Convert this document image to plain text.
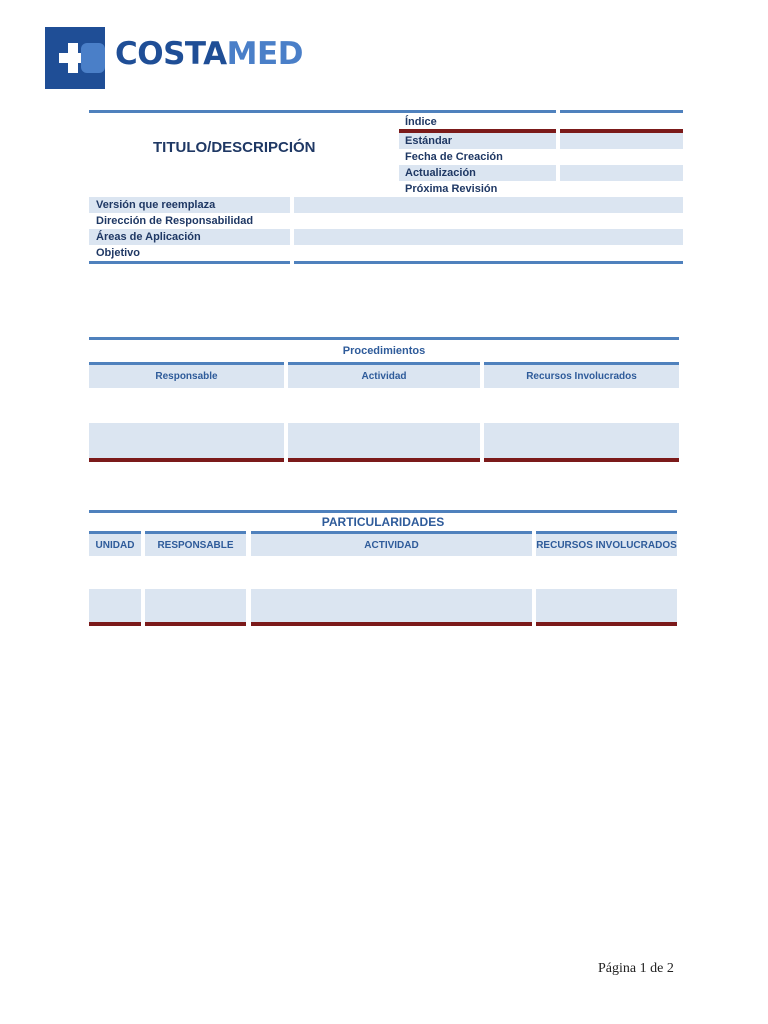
COSTAMED
TITULO/DESCRIPCIÓN
Índice
Estándar
Fecha de Creación
Actualización
Próxima Revisión
Versión que reemplaza
Dirección de Responsabilidad
Áreas de Aplicación
Objetivo
Procedimientos
Responsable	Actividad	Recursos Involucrados
PARTICULARIDADES
UNIDAD	RESPONSABLE	ACTIVIDAD	RECURSOS INVOLUCRADOS
Página 1 de 2
